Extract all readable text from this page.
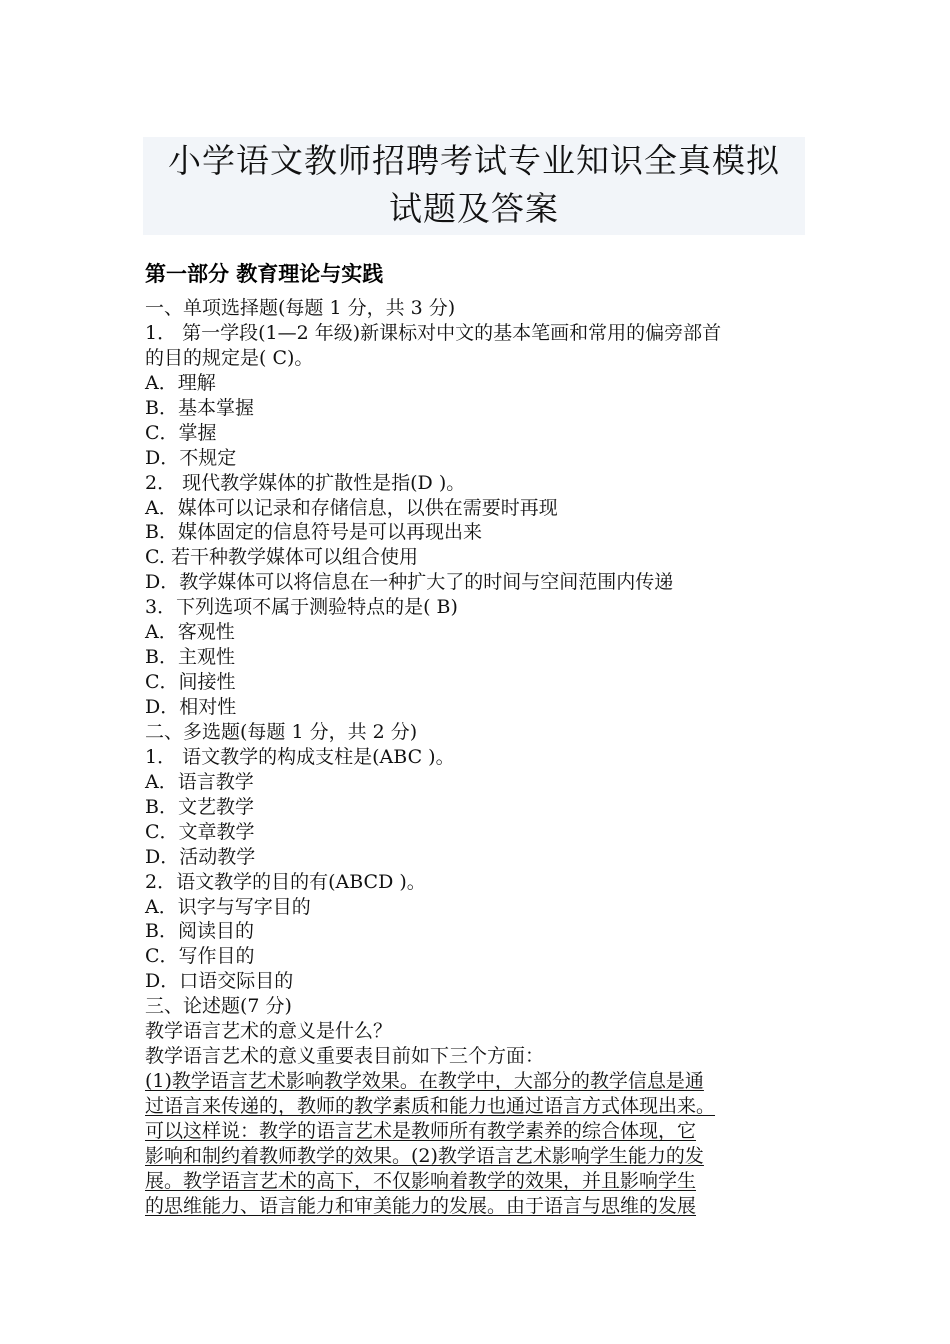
小学语文教师招聘考试专业知识全真模拟
试题及答案
第一部分 教育理论与实践
一、单项选择题(每题 1 分，共 3 分)
1． 第一学段(1—2 年级)新课标对中文的基本笔画和常用的偏旁部首
的目的规定是( C)。
A．理解
B．基本掌握
C．掌握
D．不规定
2． 现代教学媒体的扩散性是指(D )。
A．媒体可以记录和存储信息，以供在需要时再现
B．媒体固定的信息符号是可以再现出来
C. 若干种教学媒体可以组合使用
D．教学媒体可以将信息在一种扩大了的时间与空间范围内传递
3．下列选项不属于测验特点的是( B)
A．客观性
B．主观性
C．间接性
D．相对性
二、多选题(每题 1 分，共 2 分)
1． 语文教学的构成支柱是(ABC )。
A．语言教学
B．文艺教学
C．文章教学
D．活动教学
2．语文教学的目的有(ABCD )。
A．识字与写字目的
B．阅读目的
C．写作目的
D．口语交际目的
三、论述题(7 分)
教学语言艺术的意义是什么？
教学语言艺术的意义重要表目前如下三个方面：
(1)教学语言艺术影响教学效果。在教学中，大部分的教学信息是通
过语言来传递的，教师的教学素质和能力也通过语言方式体现出来。
可以这样说：教学的语言艺术是教师所有教学素养的综合体现，它
影响和制约着教师教学的效果。(2)教学语言艺术影响学生能力的发
展。教学语言艺术的高下，不仅影响着教学的效果，并且影响学生
的思维能力、语言能力和审美能力的发展。由于语言与思维的发展
